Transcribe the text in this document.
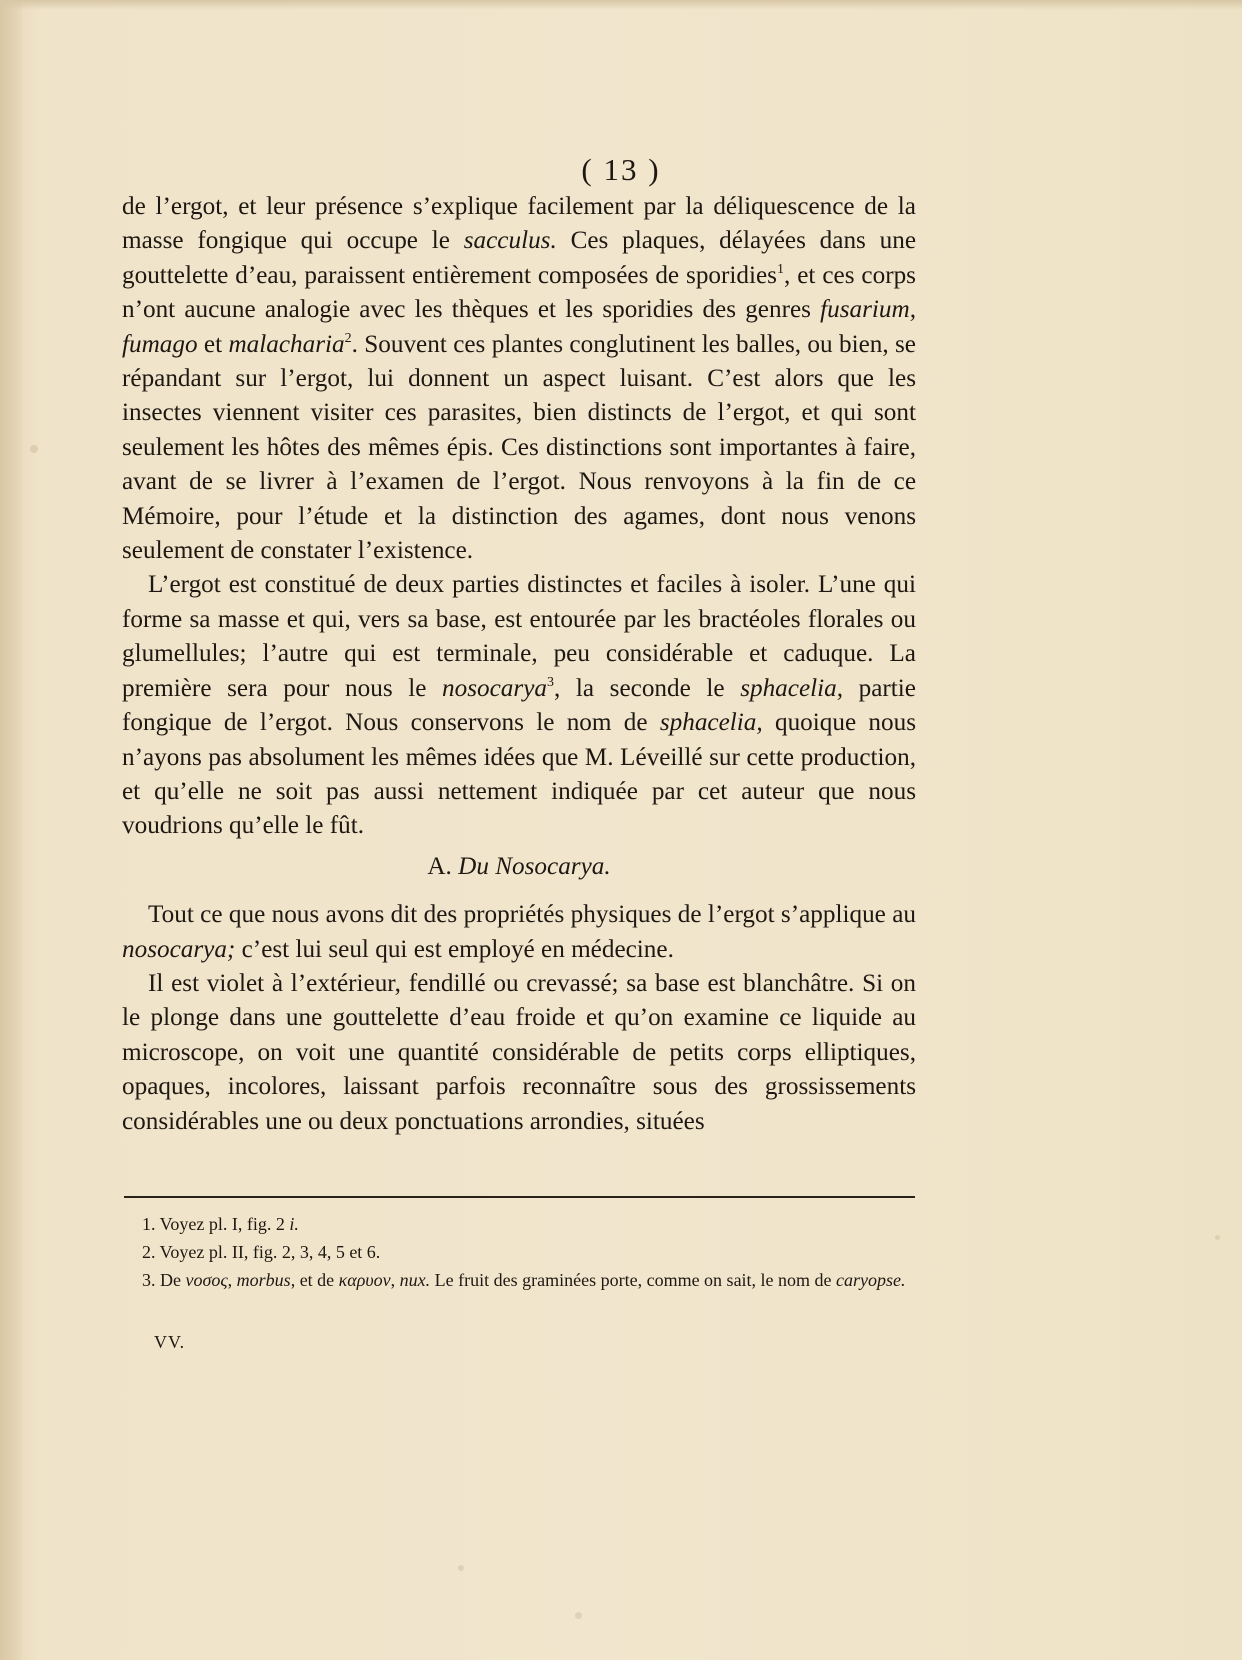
( 13 )

de l’ergot, et leur présence s’explique facilement par la déliquescence de la masse fongique qui occupe le sacculus. Ces plaques, délayées dans une gouttelette d’eau, paraissent entièrement composées de sporidies$^1$, et ces corps n’ont aucune analogie avec les thèques et les sporidies des genres fusarium, fumago et malacharia$^2$. Souvent ces plantes conglutinent les balles, ou bien, se répandant sur l’ergot, lui donnent un aspect luisant. C’est alors que les insectes viennent visiter ces parasites, bien distincts de l’ergot, et qui sont seulement les hôtes des mêmes épis. Ces distinctions sont importantes à faire, avant de se livrer à l’examen de l’ergot. Nous renvoyons à la fin de ce Mémoire, pour l’étude et la distinction des agames, dont nous venons seulement de constater l’existence.

L’ergot est constitué de deux parties distinctes et faciles à isoler. L’une qui forme sa masse et qui, vers sa base, est entourée par les bractéoles florales ou glumellules; l’autre qui est terminale, peu considérable et caduque. La première sera pour nous le nosocarya$^3$, la seconde le sphacelia, partie fongique de l’ergot. Nous conservons le nom de sphacelia, quoique nous n’ayons pas absolument les mêmes idées que M. Léveillé sur cette production, et qu’elle ne soit pas aussi nettement indiquée par cet auteur que nous voudrions qu’elle le fût.

A. Du Nosocarya.

Tout ce que nous avons dit des propriétés physiques de l’ergot s’applique au nosocarya; c’est lui seul qui est employé en médecine.

Il est violet à l’extérieur, fendillé ou crevassé; sa base est blanchâtre. Si on le plonge dans une gouttelette d’eau froide et qu’on examine ce liquide au microscope, on voit une quantité considérable de petits corps elliptiques, opaques, incolores, laissant parfois reconnaître sous des grossissements considérables une ou deux ponctuations arrondies, situées

1. Voyez pl. I, fig. 2 i.

2. Voyez pl. II, fig. 2, 3, 4, 5 et 6.

3. De νοσος, morbus, et de καρυον, nux. Le fruit des graminées porte, comme on sait, le nom de caryopse.

VV.
